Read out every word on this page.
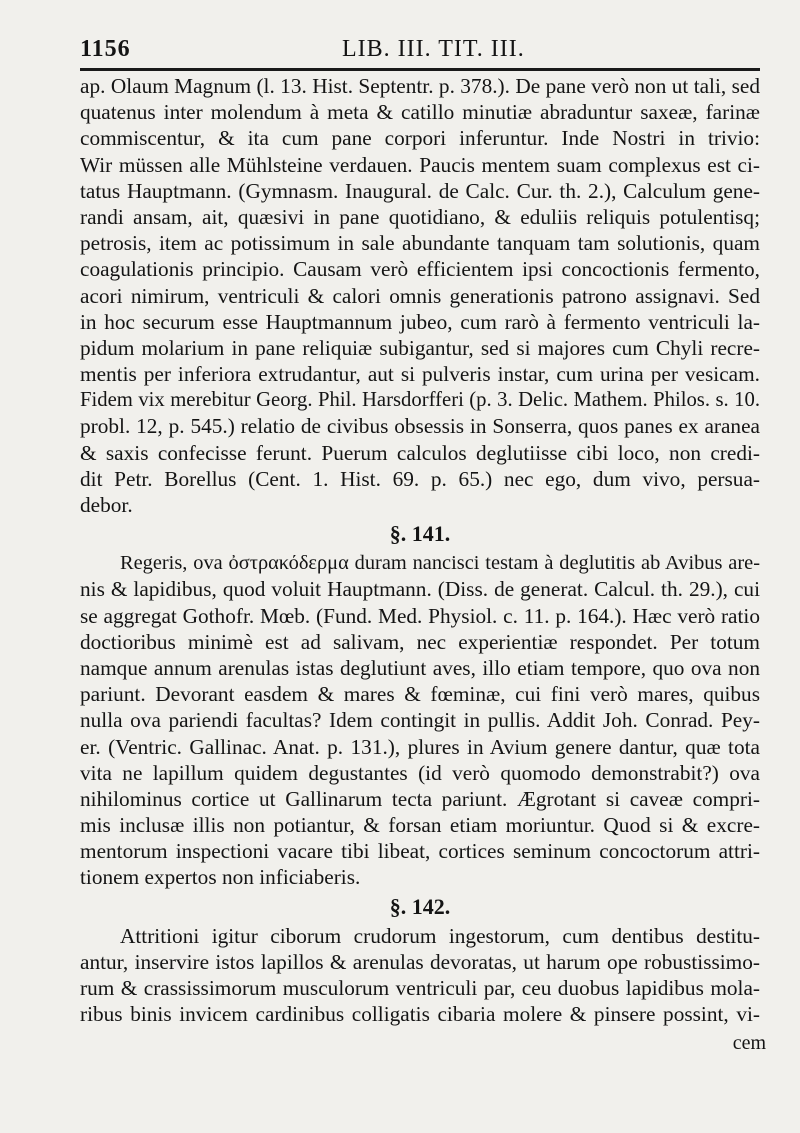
1156	LIB. III. TIT. III.
ap. Olaum Magnum (l. 13. Hist. Septentr. p. 378.). De pane verò non ut tali, sed
quatenus inter molendum à meta & catillo minutiæ abraduntur saxeæ, farinæ
commiscentur, & ita cum pane corpori inferuntur. Inde Nostri in trivio:
Wir müssen alle Mühlsteine verdauen. Paucis mentem suam complexus est ci-
tatus Hauptmann. (Gymnasm. Inaugural. de Calc. Cur. th. 2.), Calculum gene-
randi ansam, ait, quæsivi in pane quotidiano, & eduliis reliquis potulentisq;
petrosis, item ac potissimum in sale abundante tanquam tam solutionis, quam
coagulationis principio. Causam verò efficientem ipsi concoctionis fermento,
acori nimirum, ventriculi & calori omnis generationis patrono assignavi. Sed
in hoc securum esse Hauptmannum jubeo, cum rarò à fermento ventriculi la-
pidum molarium in pane reliquiæ subigantur, sed si majores cum Chyli recre-
mentis per inferiora extrudantur, aut si pulveris instar, cum urina per vesicam.
Fidem vix merebitur Georg. Phil. Harsdorfferi (p. 3. Delic. Mathem. Philos. s. 10.
probl. 12, p. 545.) relatio de civibus obsessis in Sonserra, quos panes ex aranea
& saxis confecisse ferunt. Puerum calculos deglutiisse cibi loco, non credi-
dit Petr. Borellus (Cent. 1. Hist. 69. p. 65.) nec ego, dum vivo, persua-
debor.
§. 141.
Regeris, ova ὀστρακόδερμα duram nancisci testam à deglutitis ab Avibus are-
nis & lapidibus, quod voluit Hauptmann. (Diss. de generat. Calcul. th. 29.), cui
se aggregat Gothofr. Mœb. (Fund. Med. Physiol. c. 11. p. 164.). Hæc verò ratio
doctioribus minimè est ad salivam, nec experientiæ respondet. Per totum
namque annum arenulas istas deglutiunt aves, illo etiam tempore, quo ova non
pariunt. Devorant easdem & mares & fœminæ, cui fini verò mares, quibus
nulla ova pariendi facultas? Idem contingit in pullis. Addit Joh. Conrad. Pey-
er. (Ventric. Gallinac. Anat. p. 131.), plures in Avium genere dantur, quæ tota
vita ne lapillum quidem degustantes (id verò quomodo demonstrabit?) ova
nihilominus cortice ut Gallinarum tecta pariunt. Ægrotant si caveæ compri-
mis inclusæ illis non potiantur, & forsan etiam moriuntur. Quod si & excre-
mentorum inspectioni vacare tibi libeat, cortices seminum concoctorum attri-
tionem expertos non inficiaberis.
§. 142.
Attritioni igitur ciborum crudorum ingestorum, cum dentibus destitu-
antur, inservire istos lapillos & arenulas devoratas, ut harum ope robustissimo-
rum & crassissimorum musculorum ventriculi par, ceu duobus lapidibus mola-
ribus binis invicem cardinibus colligatis cibaria molere & pinsere possint, vi-
cem
